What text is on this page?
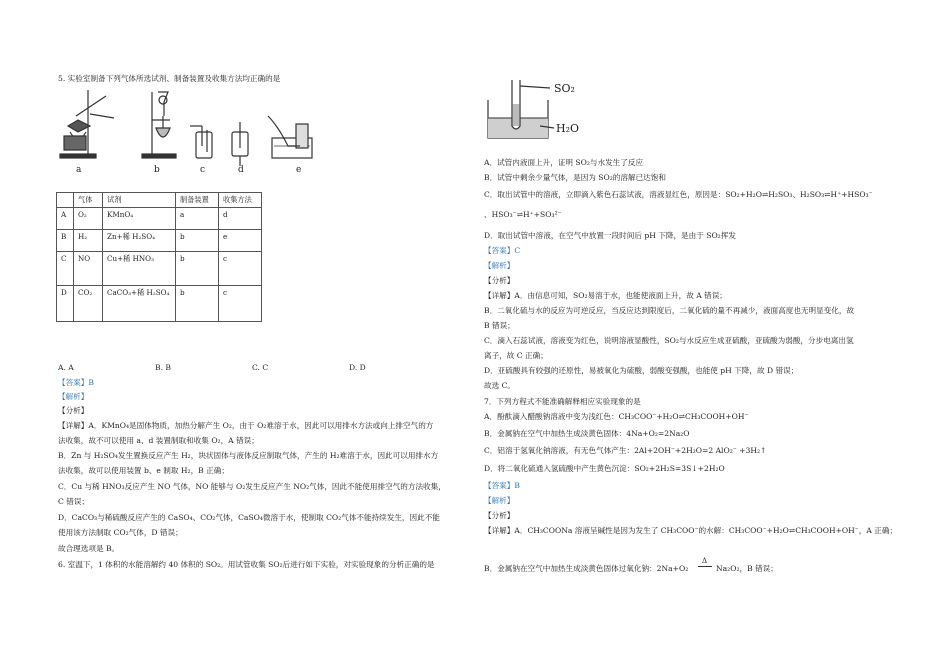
5. 实验室制备下列气体所选试剂、制备装置及收集方法均正确的是
a	b	c	d	e
	气体	试剂	制备装置	收集方法
A	O₂	KMnO₄	a	d
B	H₂	Zn+稀 H₂SO₄	b	e
C	NO	Cu+稀 HNO₃	b	c
D	CO₂	CaCO₃+稀 H₂SO₄	b	c
A. A	B. B	C. C	D. D
【答案】B
【解析】
【分析】
【详解】A．KMnO₄是固体物质，加热分解产生 O₂，由于 O₂难溶于水，因此可以用排水方法或向上排空气的方
法收集，故不可以使用 a、d 装置制取和收集 O₂，A 错误；
B．Zn 与 H₂SO₄发生置换反应产生 H₂，块状固体与液体反应制取气体，产生的 H₂难溶于水，因此可以用排水方
法收集，故可以使用装置 b、e 制取 H₂，B 正确；
C．Cu 与稀 HNO₃反应产生 NO 气体，NO 能够与 O₂发生反应产生 NO₂气体，因此不能使用排空气的方法收集，
C 错误；
D．CaCO₃与稀硫酸反应产生的 CaSO₄、CO₂气体，CaSO₄微溶于水，使制取 CO₂气体不能持续发生，因此不能
使用该方法制取 CO₂气体，D 错误；
故合理选项是 B。
6. 室温下，1 体积的水能溶解约 40 体积的 SO₂。用试管收集 SO₂后进行如下实验，对实验现象的分析正确的是
SO₂
H₂O
A．试管内液面上升，证明 SO₂与水发生了反应
B．试管中剩余少量气体，是因为 SO₂的溶解已达饱和
C．取出试管中的溶液，立即滴入紫色石蕊试液，溶液显红色，原因是：SO₂+H₂O⇌H₂SO₃、H₂SO₃⇌H⁺+HSO₃⁻
、HSO₃⁻⇌H⁺+SO₃²⁻
D．取出试管中溶液，在空气中放置一段时间后 pH 下降，是由于 SO₂挥发
【答案】C
【解析】
【分析】
【详解】A．由信息可知，SO₂易溶于水，也能使液面上升，故 A 错误；
B．二氧化硫与水的反应为可逆反应，当反应达到限度后，二氧化硫的量不再减少，液面高度也无明显变化，故
B 错误；
C．滴入石蕊试液，溶液变为红色，说明溶液显酸性，SO₂与水反应生成亚硫酸，亚硫酸为弱酸，分步电离出氢
离子，故 C 正确；
D．亚硫酸具有较强的还原性，易被氧化为硫酸，弱酸变强酸，也能使 pH 下降，故 D 错误；
故选 C。
7．下列方程式不能准确解释相应实验现象的是
A．酚酞滴入醋酸钠溶液中变为浅红色：CH₃COO⁻+H₂O⇌CH₃COOH+OH⁻
B．金属钠在空气中加热生成淡黄色固体：4Na+O₂=2Na₂O
C．铝溶于氢氧化钠溶液，有无色气体产生：2Al+2OH⁻+2H₂O=2 AlO₂⁻ +3H₂↑
D．将二氧化硫通入氢硫酸中产生黄色沉淀：SO₂+2H₂S=3S↓+2H₂O
【答案】B
【解析】
【分析】
【详解】A．CH₃COONa 溶液呈碱性是因为发生了 CH₃COO⁻的水解：CH₃COO⁻+H₂O⇌CH₃COOH+OH⁻，A 正确；
B．金属钠在空气中加热生成淡黄色固体过氧化钠：2Na+O₂
Δ
Na₂O₂，B 错误；
